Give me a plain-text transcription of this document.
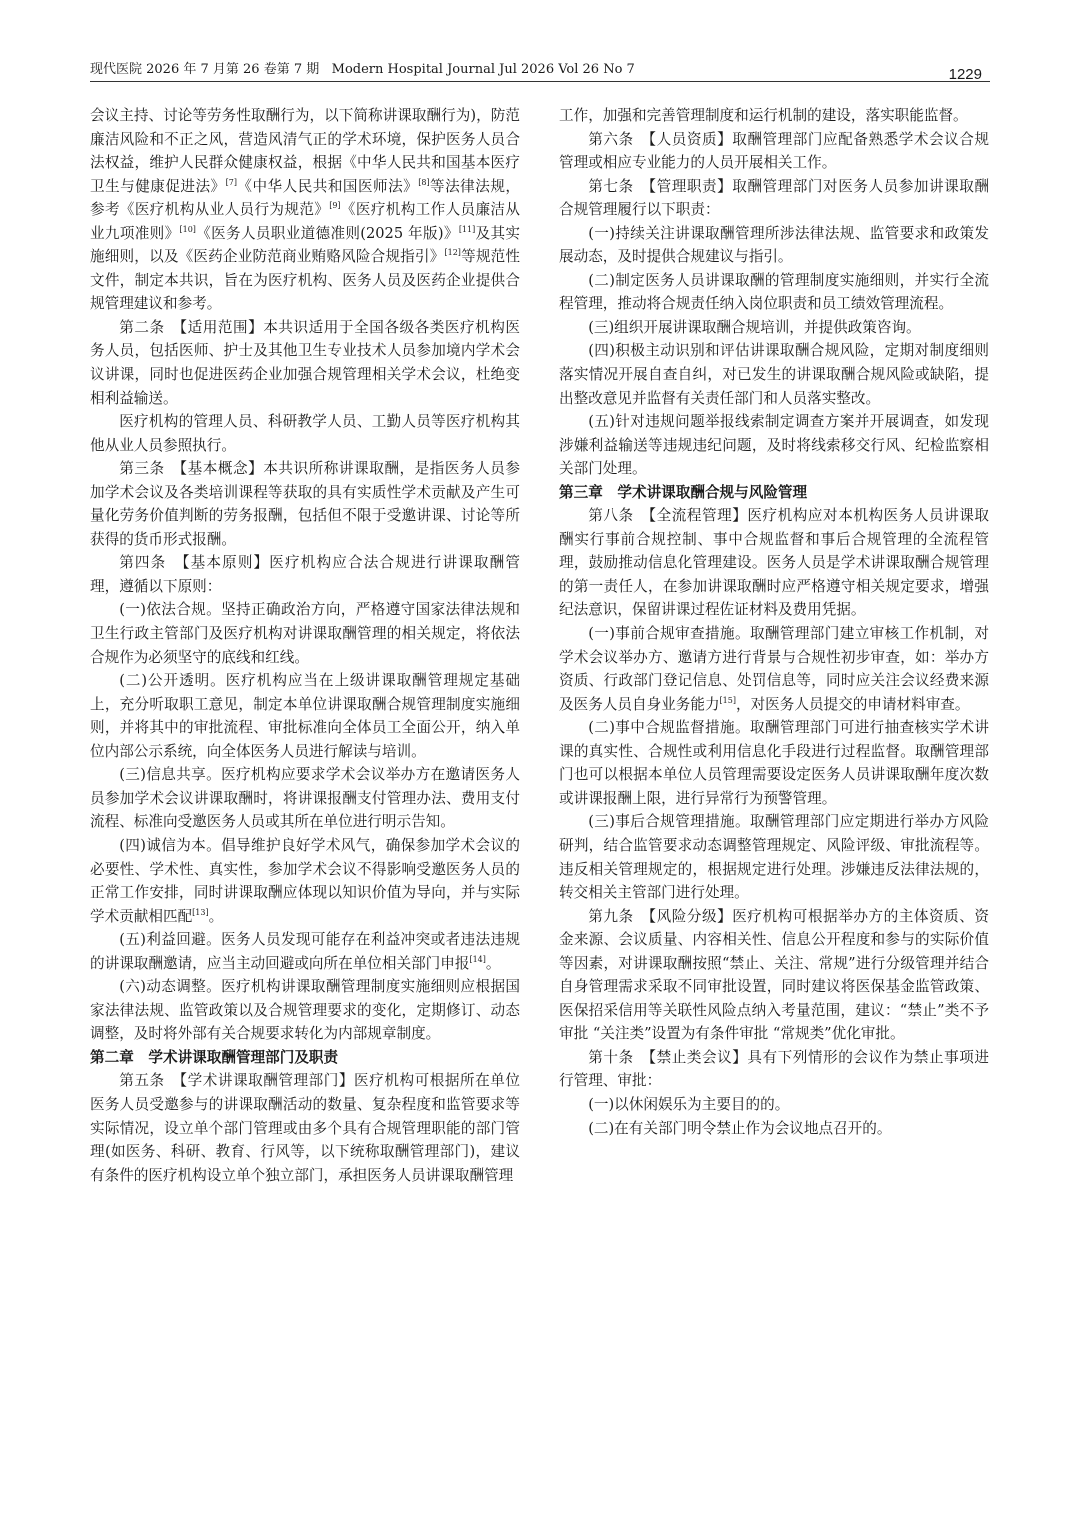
现代医院 2026 年 7 月第 26 卷第 7 期 Modern Hospital Journal Jul 2026 Vol 26 No 7	1229

会议主持、讨论等劳务性取酬行为，以下简称讲课取酬行为)，防范廉洁风险和不正之风，营造风清气正的学术环境，保护医务人员合法权益，维护人民群众健康权益，根据《中华人民共和国基本医疗卫生与健康促进法》[7]《中华人民共和国医师法》[8]等法律法规，参考《医疗机构从业人员行为规范》[9]《医疗机构工作人员廉洁从业九项准则》[10]《医务人员职业道德准则(2025 年版)》[11]及其实施细则，以及《医药企业防范商业贿赂风险合规指引》[12]等规范性文件，制定本共识，旨在为医疗机构、医务人员及医药企业提供合规管理建议和参考。

第二条　【适用范围】本共识适用于全国各级各类医疗机构医务人员，包括医师、护士及其他卫生专业技术人员参加境内学术会议讲课，同时也促进医药企业加强合规管理相关学术会议，杜绝变相利益输送。

医疗机构的管理人员、科研教学人员、工勤人员等医疗机构其他从业人员参照执行。

第三条　【基本概念】本共识所称讲课取酬，是指医务人员参加学术会议及各类培训课程等获取的具有实质性学术贡献及产生可量化劳务价值判断的劳务报酬，包括但不限于受邀讲课、讨论等所获得的货币形式报酬。

第四条　【基本原则】医疗机构应合法合规进行讲课取酬管理，遵循以下原则：

(一)依法合规。坚持正确政治方向，严格遵守国家法律法规和卫生行政主管部门及医疗机构对讲课取酬管理的相关规定，将依法合规作为必须坚守的底线和红线。

(二)公开透明。医疗机构应当在上级讲课取酬管理规定基础上，充分听取职工意见，制定本单位讲课取酬合规管理制度实施细则，并将其中的审批流程、审批标准向全体员工全面公开，纳入单位内部公示系统，向全体医务人员进行解读与培训。

(三)信息共享。医疗机构应要求学术会议举办方在邀请医务人员参加学术会议讲课取酬时，将讲课报酬支付管理办法、费用支付流程、标准向受邀医务人员或其所在单位进行明示告知。

(四)诚信为本。倡导维护良好学术风气，确保参加学术会议的必要性、学术性、真实性，参加学术会议不得影响受邀医务人员的正常工作安排，同时讲课取酬应体现以知识价值为导向，并与实际学术贡献相匹配[13]。

(五)利益回避。医务人员发现可能存在利益冲突或者违法违规的讲课取酬邀请，应当主动回避或向所在单位相关部门申报[14]。

(六)动态调整。医疗机构讲课取酬管理制度实施细则应根据国家法律法规、监管政策以及合规管理要求的变化，定期修订、动态调整，及时将外部有关合规要求转化为内部规章制度。

第二章　学术讲课取酬管理部门及职责

第五条　【学术讲课取酬管理部门】医疗机构可根据所在单位医务人员受邀参与的讲课取酬活动的数量、复杂程度和监管要求等实际情况，设立单个部门管理或由多个具有合规管理职能的部门管理(如医务、科研、教育、行风等，以下统称取酬管理部门)，建议有条件的医疗机构设立单个独立部门，承担医务人员讲课取酬管理

工作，加强和完善管理制度和运行机制的建设，落实职能监督。

第六条　【人员资质】取酬管理部门应配备熟悉学术会议合规管理或相应专业能力的人员开展相关工作。

第七条　【管理职责】取酬管理部门对医务人员参加讲课取酬合规管理履行以下职责：

(一)持续关注讲课取酬管理所涉法律法规、监管要求和政策发展动态，及时提供合规建议与指引。

(二)制定医务人员讲课取酬的管理制度实施细则，并实行全流程管理，推动将合规责任纳入岗位职责和员工绩效管理流程。

(三)组织开展讲课取酬合规培训，并提供政策咨询。

(四)积极主动识别和评估讲课取酬合规风险，定期对制度细则落实情况开展自查自纠，对已发生的讲课取酬合规风险或缺陷，提出整改意见并监督有关责任部门和人员落实整改。

(五)针对违规问题举报线索制定调查方案并开展调查，如发现涉嫌利益输送等违规违纪问题，及时将线索移交行风、纪检监察相关部门处理。

第三章　学术讲课取酬合规与风险管理

第八条　【全流程管理】医疗机构应对本机构医务人员讲课取酬实行事前合规控制、事中合规监督和事后合规管理的全流程管理，鼓励推动信息化管理建设。医务人员是学术讲课取酬合规管理的第一责任人，在参加讲课取酬时应严格遵守相关规定要求，增强纪法意识，保留讲课过程佐证材料及费用凭据。

(一)事前合规审查措施。取酬管理部门建立审核工作机制，对学术会议举办方、邀请方进行背景与合规性初步审查，如：举办方资质、行政部门登记信息、处罚信息等，同时应关注会议经费来源及医务人员自身业务能力[15]，对医务人员提交的申请材料审查。

(二)事中合规监督措施。取酬管理部门可进行抽查核实学术讲课的真实性、合规性或利用信息化手段进行过程监督。取酬管理部门也可以根据本单位人员管理需要设定医务人员讲课取酬年度次数或讲课报酬上限，进行异常行为预警管理。

(三)事后合规管理措施。取酬管理部门应定期进行举办方风险研判，结合监管要求动态调整管理规定、风险评级、审批流程等。违反相关管理规定的，根据规定进行处理。涉嫌违反法律法规的，转交相关主管部门进行处理。

第九条　【风险分级】医疗机构可根据举办方的主体资质、资金来源、会议质量、内容相关性、信息公开程度和参与的实际价值等因素，对讲课取酬按照“禁止、关注、常规”进行分级管理并结合自身管理需求采取不同审批设置，同时建议将医保基金监管政策、医保招采信用等关联性风险点纳入考量范围，建议：“禁止”类不予审批 “关注类”设置为有条件审批 “常规类”优化审批。

第十条　【禁止类会议】具有下列情形的会议作为禁止事项进行管理、审批：

(一)以休闲娱乐为主要目的的。

(二)在有关部门明令禁止作为会议地点召开的。
